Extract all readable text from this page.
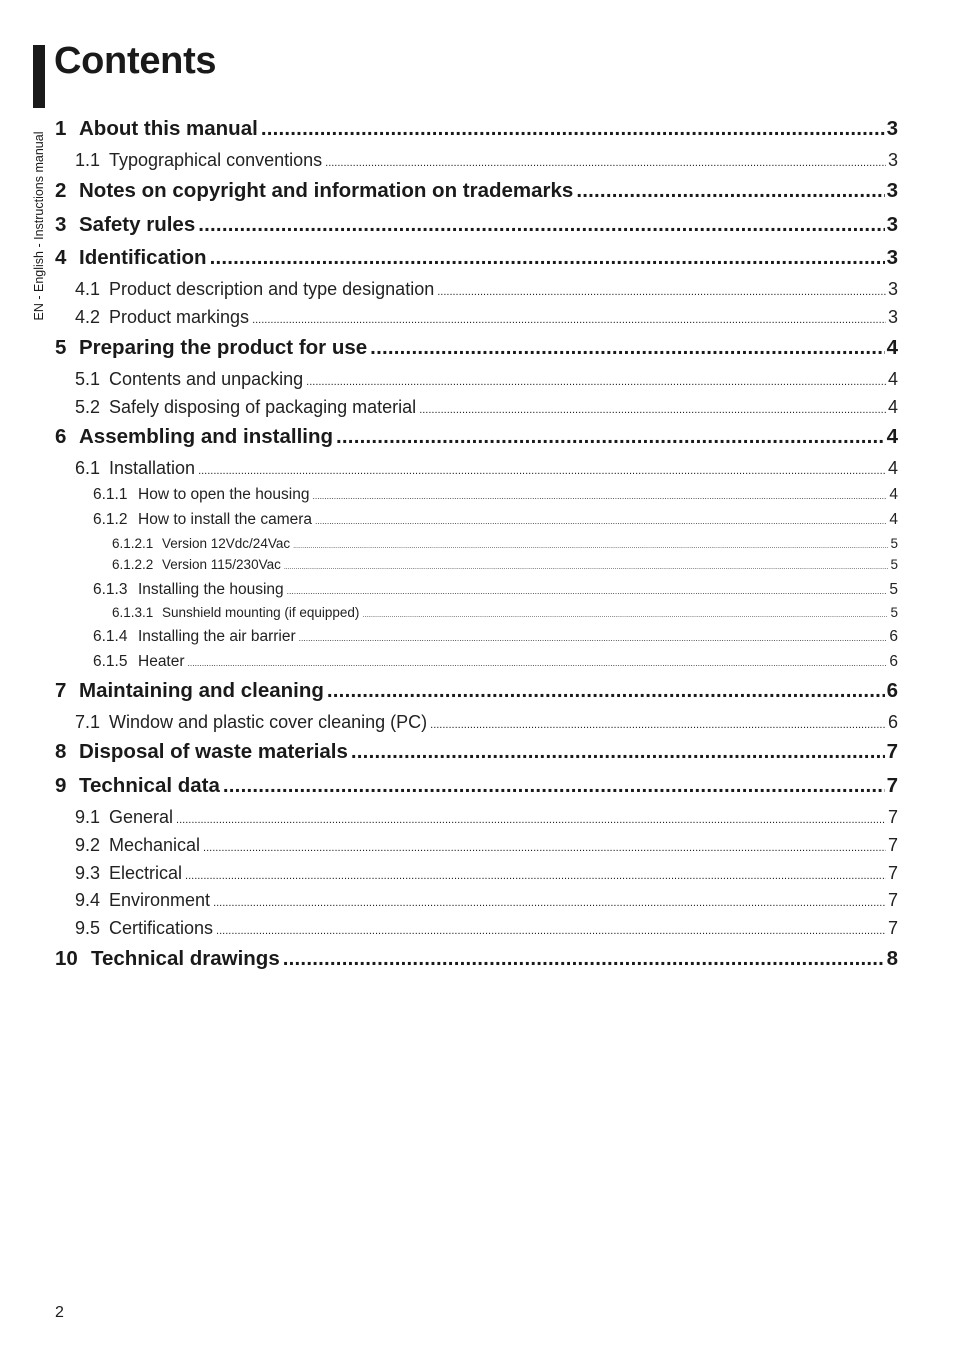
EN - English - Instructions manual
Contents
1 About this manual .....	3
1.1 Typographical conventions .....	3
2 Notes on copyright and information on trademarks .....	3
3 Safety rules .....	3
4 Identification .....	3
4.1 Product description and type designation .....	3
4.2 Product markings .....	3
5 Preparing the product for use .....	4
5.1 Contents and unpacking .....	4
5.2 Safely disposing of packaging material .....	4
6 Assembling and installing .....	4
6.1 Installation .....	4
6.1.1 How to open the housing .....	4
6.1.2 How to install the camera .....	4
6.1.2.1 Version 12Vdc/24Vac .....	5
6.1.2.2 Version 115/230Vac .....	5
6.1.3 Installing the housing .....	5
6.1.3.1 Sunshield mounting (if equipped) .....	5
6.1.4 Installing the air barrier .....	6
6.1.5 Heater .....	6
7 Maintaining and cleaning .....	6
7.1 Window and plastic cover cleaning (PC) .....	6
8 Disposal of waste materials .....	7
9 Technical data .....	7
9.1 General .....	7
9.2 Mechanical .....	7
9.3 Electrical .....	7
9.4 Environment .....	7
9.5 Certifications .....	7
10 Technical drawings .....	8
2
